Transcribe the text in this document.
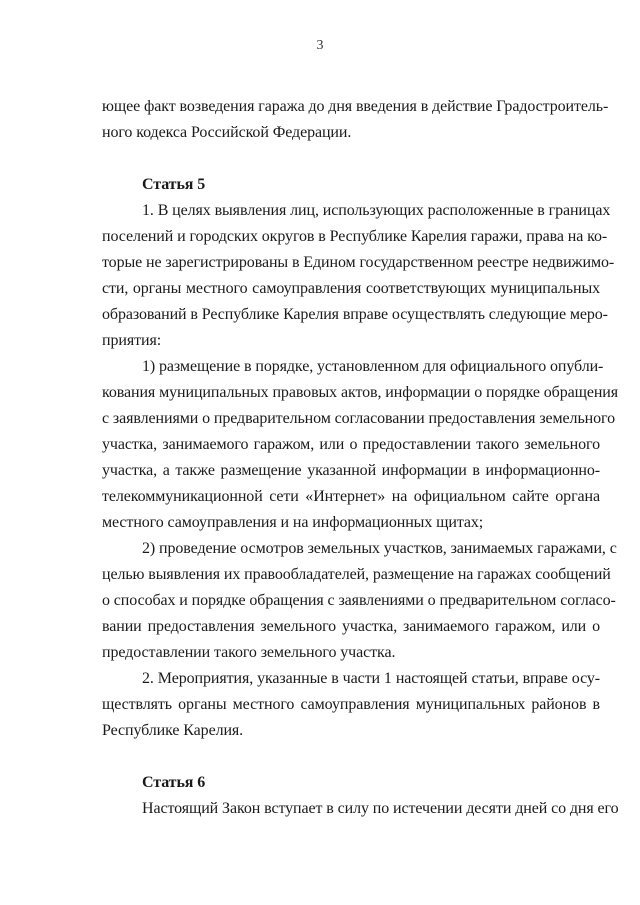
3
ющее факт возведения гаража до дня введения в действие Градостроитель-
ного кодекса Российской Федерации.
Статья 5
1. В целях выявления лиц, использующих расположенные в границах
поселений и городских округов в Республике Карелия гаражи, права на ко-
торые не зарегистрированы в Едином государственном реестре недвижимо-
сти, органы местного самоуправления соответствующих муниципальных
образований в Республике Карелия вправе осуществлять следующие меро-
приятия:
1) размещение в порядке, установленном для официального опубли-
кования муниципальных правовых актов, информации о порядке обращения
с заявлениями о предварительном согласовании предоставления земельного
участка, занимаемого гаражом, или о предоставлении такого земельного
участка, а также размещение указанной информации в информационно-
телекоммуникационной сети «Интернет» на официальном сайте органа
местного самоуправления и на информационных щитах;
2) проведение осмотров земельных участков, занимаемых гаражами, с
целью выявления их правообладателей, размещение на гаражах сообщений
о способах и порядке обращения с заявлениями о предварительном согласо-
вании предоставления земельного участка, занимаемого гаражом, или о
предоставлении такого земельного участка.
2. Мероприятия, указанные в части 1 настоящей статьи, вправе осу-
ществлять органы местного самоуправления муниципальных районов в
Республике Карелия.
Статья 6
Настоящий Закон вступает в силу по истечении десяти дней со дня его
